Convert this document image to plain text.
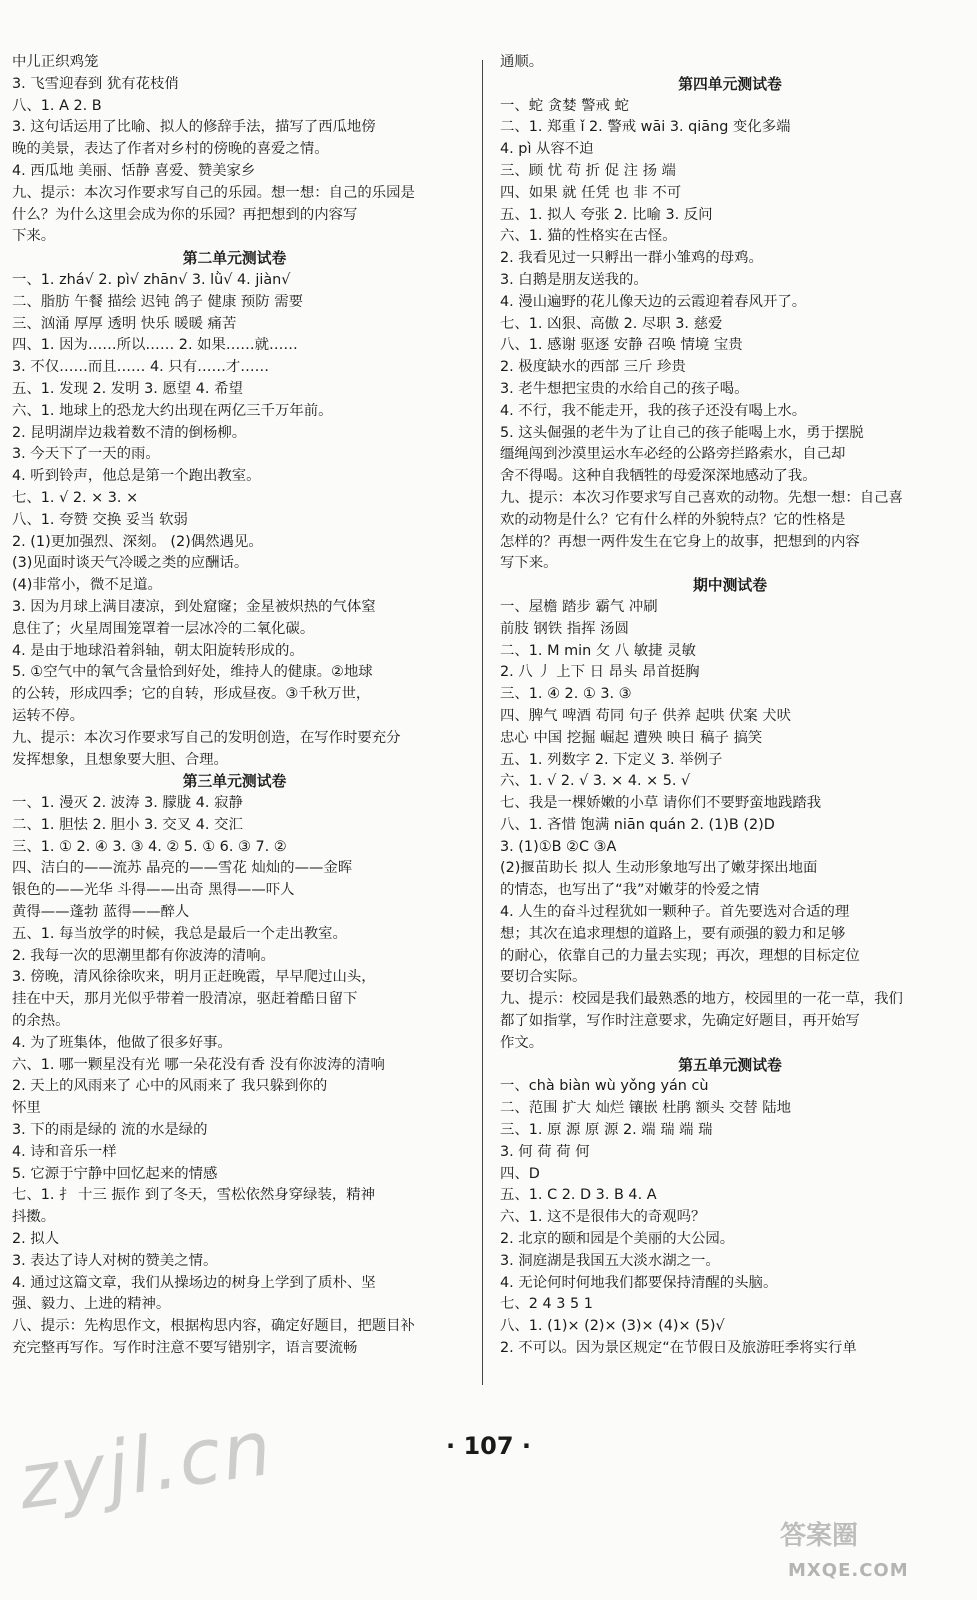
中儿正织鸡笼
3. 飞雪迎春到 犹有花枝俏
八、1. A 2. B
3. 这句话运用了比喻、拟人的修辞手法，描写了西瓜地傍
晚的美景，表达了作者对乡村的傍晚的喜爱之情。
4. 西瓜地 美丽、恬静 喜爱、赞美家乡
九、提示：本次习作要求写自己的乐园。想一想：自己的乐园是
什么？为什么这里会成为你的乐园？再把想到的内容写
下来。
第二单元测试卷
一、1. zhá√ 2. pì√ zhān√ 3. lǜ√ 4. jiàn√
二、脂肪 午餐 描绘 迟钝 鸽子 健康 预防 需要
三、汹涌 厚厚 透明 快乐 暖暖 痛苦
四、1. 因为……所以…… 2. 如果……就……
3. 不仅……而且…… 4. 只有……才……
五、1. 发现 2. 发明 3. 愿望 4. 希望
六、1. 地球上的恐龙大约出现在两亿三千万年前。
2. 昆明湖岸边栽着数不清的倒杨柳。
3. 今天下了一天的雨。
4. 听到铃声，他总是第一个跑出教室。
七、1. √ 2. × 3. ×
八、1. 夸赞 交换 妥当 软弱
2. (1)更加强烈、深刻。 (2)偶然遇见。
(3)见面时谈天气冷暖之类的应酬话。
(4)非常小，微不足道。
3. 因为月球上满目凄凉，到处窟窿；金星被炽热的气体窒
息住了；火星周围笼罩着一层冰冷的二氧化碳。
4. 是由于地球沿着斜轴，朝太阳旋转形成的。
5. ①空气中的氧气含量恰到好处，维持人的健康。②地球
的公转，形成四季；它的自转，形成昼夜。③千秋万世，
运转不停。
九、提示：本次习作要求写自己的发明创造，在写作时要充分
发挥想象，且想象要大胆、合理。
第三单元测试卷
一、1. 漫灭 2. 波涛 3. 朦胧 4. 寂静
二、1. 胆怯 2. 胆小 3. 交叉 4. 交汇
三、1. ① 2. ④ 3. ③ 4. ② 5. ① 6. ③ 7. ②
四、洁白的——流苏 晶亮的——雪花 灿灿的——金晖
银色的——光华 斗得——出奇 黑得——吓人
黄得——蓬勃 蓝得——醉人
五、1. 每当放学的时候，我总是最后一个走出教室。
2. 我每一次的思潮里都有你波涛的清响。
3. 傍晚，清风徐徐吹来，明月正赶晚霞，早早爬过山头，
挂在中天，那月光似乎带着一股清凉，驱赶着酷日留下
的余热。
4. 为了班集体，他做了很多好事。
六、1. 哪一颗星没有光 哪一朵花没有香 没有你波涛的清响
2. 天上的风雨来了 心中的风雨来了 我只躲到你的
怀里
3. 下的雨是绿的 流的水是绿的
4. 诗和音乐一样
5. 它源于宁静中回忆起来的情感
七、1. 扌 十三 振作 到了冬天，雪松依然身穿绿装，精神
抖擞。
2. 拟人
3. 表达了诗人对树的赞美之情。
4. 通过这篇文章，我们从操场边的树身上学到了质朴、坚
强、毅力、上进的精神。
八、提示：先构思作文，根据构思内容，确定好题目，把题目补
充完整再写作。写作时注意不要写错别字，语言要流畅
通顺。
第四单元测试卷
一、蛇 贪婪 警戒 蛇
二、1. 郑重 ǐ 2. 警戒 wāi 3. qiāng 变化多端
4. pì 从容不迫
三、顾 忧 苟 折 促 注 扬 端
四、如果 就 任凭 也 非 不可
五、1. 拟人 夸张 2. 比喻 3. 反问
六、1. 猫的性格实在古怪。
2. 我看见过一只孵出一群小雏鸡的母鸡。
3. 白鹅是朋友送我的。
4. 漫山遍野的花儿像天边的云霞迎着春风开了。
七、1. 凶狠、高傲 2. 尽职 3. 慈爱
八、1. 感谢 驱逐 安静 召唤 情境 宝贵
2. 极度缺水的西部 三斤 珍贵
3. 老牛想把宝贵的水给自己的孩子喝。
4. 不行，我不能走开，我的孩子还没有喝上水。
5. 这头倔强的老牛为了让自己的孩子能喝上水，勇于摆脱
缰绳闯到沙漠里运水车必经的公路旁拦路索水，自己却
舍不得喝。这种自我牺牲的母爱深深地感动了我。
九、提示：本次习作要求写自己喜欢的动物。先想一想：自己喜
欢的动物是什么？它有什么样的外貌特点？它的性格是
怎样的？再想一两件发生在它身上的故事，把想到的内容
写下来。
期中测试卷
一、屋檐 踏步 霸气 冲刷
前肢 钢铁 指挥 汤圆
二、1. M min 攵 八 敏捷 灵敏
2. 八 丿 上下 日 昂头 昂首挺胸
三、1. ④ 2. ① 3. ③
四、脾气 啤酒 苟同 句子 供养 起哄 伏案 犬吠
忠心 中国 挖掘 崛起 遭殃 映日 稿子 搞笑
五、1. 列数字 2. 下定义 3. 举例子
六、1. √ 2. √ 3. × 4. × 5. √
七、我是一棵娇嫩的小草 请你们不要野蛮地践踏我
八、1. 吝惜 饱满 niān quán 2. (1)B (2)D
3. (1)①B ②C ③A
(2)揠苗助长 拟人 生动形象地写出了嫩芽探出地面
的情态，也写出了“我”对嫩芽的怜爱之情
4. 人生的奋斗过程犹如一颗种子。首先要选对合适的理
想；其次在追求理想的道路上，要有顽强的毅力和足够
的耐心，依靠自己的力量去实现；再次，理想的目标定位
要切合实际。
九、提示：校园是我们最熟悉的地方，校园里的一花一草，我们
都了如指掌，写作时注意要求，先确定好题目，再开始写
作文。
第五单元测试卷
一、chà biàn wù yǒng yán cù
二、范围 扩大 灿烂 镶嵌 杜鹃 额头 交替 陆地
三、1. 原 源 原 源 2. 端 瑞 端 瑞
3. 何 荷 荷 何
四、D
五、1. C 2. D 3. B 4. A
六、1. 这不是很伟大的奇观吗？
2. 北京的颐和园是个美丽的大公园。
3. 洞庭湖是我国五大淡水湖之一。
4. 无论何时何地我们都要保持清醒的头脑。
七、2 4 3 5 1
八、1. (1)× (2)× (3)× (4)× (5)√
2. 不可以。因为景区规定“在节假日及旅游旺季将实行单
· 107 ·
zyjl.cn
答案圈
MXQE.COM
